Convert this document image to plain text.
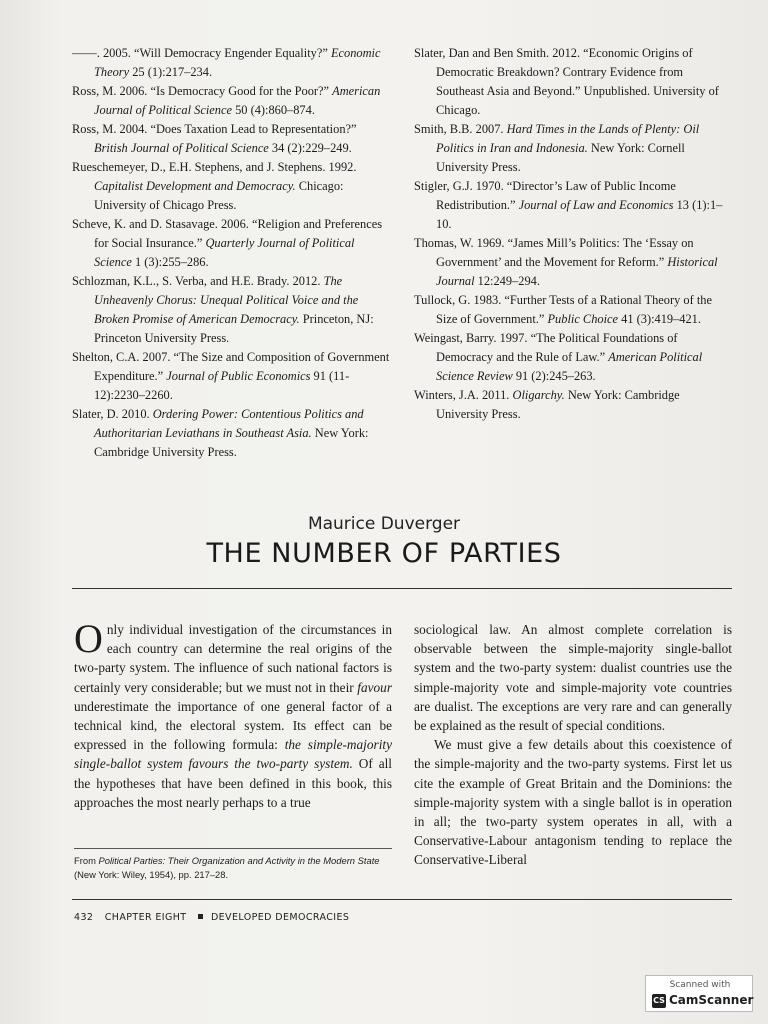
——. 2005. “Will Democracy Engender Equality?” Economic Theory 25 (1):217–234.

Ross, M. 2006. “Is Democracy Good for the Poor?” American Journal of Political Science 50 (4):860–874.

Ross, M. 2004. “Does Taxation Lead to Representation?” British Journal of Political Science 34 (2):229–249.

Rueschemeyer, D., E.H. Stephens, and J. Stephens. 1992. Capitalist Development and Democracy. Chicago: University of Chicago Press.

Scheve, K. and D. Stasavage. 2006. “Religion and Preferences for Social Insurance.” Quarterly Journal of Political Science 1 (3):255–286.

Schlozman, K.L., S. Verba, and H.E. Brady. 2012. The Unheavenly Chorus: Unequal Political Voice and the Broken Promise of American Democracy. Princeton, NJ: Princeton University Press.

Shelton, C.A. 2007. “The Size and Composition of Government Expenditure.” Journal of Public Economics 91 (11-12):2230–2260.

Slater, D. 2010. Ordering Power: Contentious Politics and Authoritarian Leviathans in Southeast Asia. New York: Cambridge University Press.

Slater, Dan and Ben Smith. 2012. “Economic Origins of Democratic Breakdown? Contrary Evidence from Southeast Asia and Beyond.” Unpublished. University of Chicago.

Smith, B.B. 2007. Hard Times in the Lands of Plenty: Oil Politics in Iran and Indonesia. New York: Cornell University Press.

Stigler, G.J. 1970. “Director’s Law of Public Income Redistribution.” Journal of Law and Economics 13 (1):1–10.

Thomas, W. 1969. “James Mill’s Politics: The ‘Essay on Government’ and the Movement for Reform.” Historical Journal 12:249–294.

Tullock, G. 1983. “Further Tests of a Rational Theory of the Size of Government.” Public Choice 41 (3):419–421.

Weingast, Barry. 1997. “The Political Foundations of Democracy and the Rule of Law.” American Political Science Review 91 (2):245–263.

Winters, J.A. 2011. Oligarchy. New York: Cambridge University Press.

Maurice Duverger
THE NUMBER OF PARTIES

Only individual investigation of the circumstances in each country can determine the real origins of the two-party system. The influence of such national factors is certainly very considerable; but we must not in their favour underestimate the importance of one general factor of a technical kind, the electoral system. Its effect can be expressed in the following formula: the simple-majority single-ballot system favours the two-party system. Of all the hypotheses that have been defined in this book, this approaches the most nearly perhaps to a true

From Political Parties: Their Organization and Activity in the Modern State (New York: Wiley, 1954), pp. 217–28.

sociological law. An almost complete correlation is observable between the simple-majority single-ballot system and the two-party system: dualist countries use the simple-majority vote and simple-majority vote countries are dualist. The exceptions are very rare and can generally be explained as the result of special conditions.

We must give a few details about this coexistence of the simple-majority and the two-party systems. First let us cite the example of Great Britain and the Dominions: the simple-majority system with a single ballot is in operation in all; the two-party system operates in all, with a Conservative-Labour antagonism tending to replace the Conservative-Liberal

432 CHAPTER EIGHT	DEVELOPED DEMOCRACIES
Scanned with
CS CamScanner
